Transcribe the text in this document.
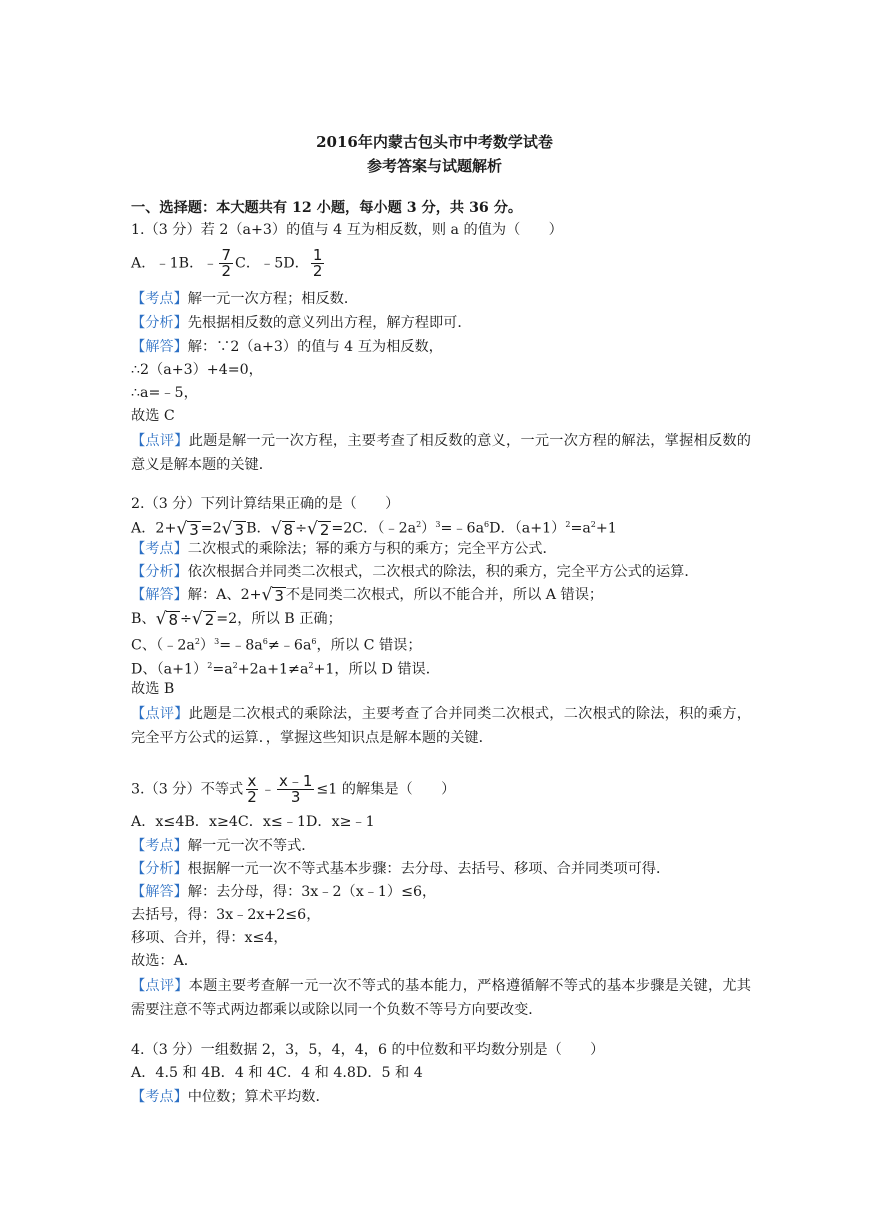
2016年内蒙古包头市中考数学试卷
参考答案与试题解析
一、选择题：本大题共有 12 小题，每小题 3 分，共 36 分。
1.（3 分）若 2（a+3）的值与 4 互为相反数，则 a 的值为（　　）
A．﹣1B．﹣ $\frac{7}{2}$ C．﹣5D． $\frac{1}{2}$
【考点】解一元一次方程；相反数．
【分析】先根据相反数的意义列出方程，解方程即可．
【解答】解：∵2（a+3）的值与 4 互为相反数，
∴2（a+3）+4=0，
∴a=﹣5，
故选 C
【点评】此题是解一元一次方程，主要考查了相反数的意义，一元一次方程的解法，掌握相反数的意义是解本题的关键．
2.（3 分）下列计算结果正确的是（　　）
A．2+ √ 3 =2 √ 3 B． √ 8 ÷ √ 2 =2C．$(﹣2a^2)^3=﹣6a^6D$．$(a+1)^2=a^2+1$
【考点】二次根式的乘除法；幂的乘方与积的乘方；完全平方公式．
【分析】依次根据合并同类二次根式，二次根式的除法，积的乘方，完全平方公式的运算．
【解答】解：A、2+ √ 3 不是同类二次根式，所以不能合并，所以 A 错误；
B、 √ 8 ÷ √ 2 =2，所以 B 正确；
C、$(﹣2a^2)^3=﹣8a^6\ne﹣6a^6$，所以 C 错误；
D、$(a+1)^2=a^2+2a+1\ne a^2+1$，所以 D 错误．
故选 B
【点评】此题是二次根式的乘除法，主要考查了合并同类二次根式，二次根式的除法，积的乘方，完全平方公式的运算．，掌握这些知识点是解本题的关键．
3.（3 分）不等式 $\frac{x}{2}$ ﹣ $\frac{x﹣1}{3} \le 1$ 的解集是（　　）
A．x≤4B．x≥4C．x≤﹣1D．x≥﹣1
【考点】解一元一次不等式．
【分析】根据解一元一次不等式基本步骤：去分母、去括号、移项、合并同类项可得．
【解答】解：去分母，得：3x﹣2（x﹣1）≤6，
去括号，得：3x﹣2x+2≤6，
移项、合并，得：x≤4，
故选：A．
【点评】本题主要考查解一元一次不等式的基本能力，严格遵循解不等式的基本步骤是关键，尤其需要注意不等式两边都乘以或除以同一个负数不等号方向要改变．
4.（3 分）一组数据 2，3，5，4，4，6 的中位数和平均数分别是（　　）
A．4.5 和 4B．4 和 4C．4 和 4.8D．5 和 4
【考点】中位数；算术平均数．
